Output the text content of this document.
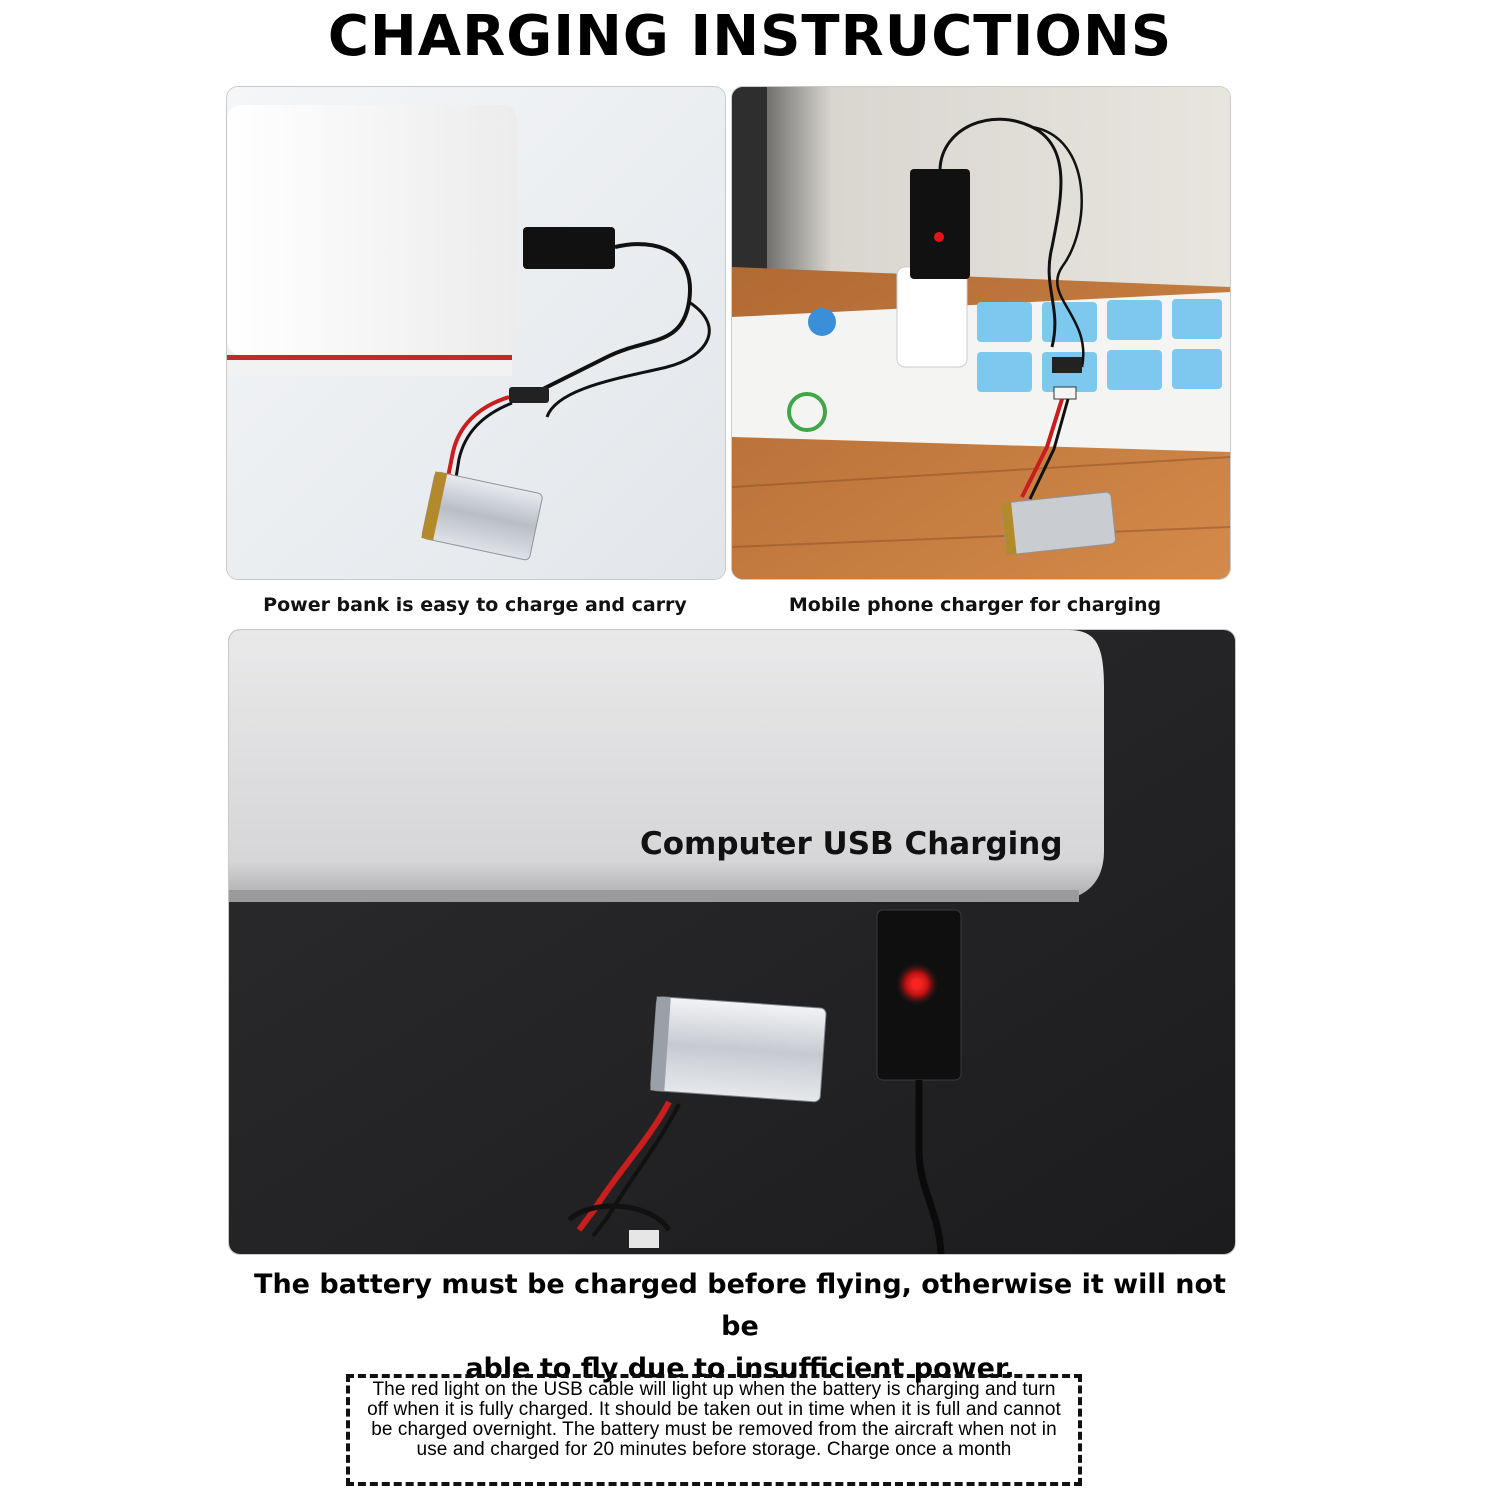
CHARGING INSTRUCTIONS
Power bank is easy to charge and carry	Mobile phone charger for charging
Computer USB Charging
The battery must be charged before flying, otherwise it will not be
able to fly due to insufficient power.
The red light on the USB cable will light up when the battery is charging and turn off when it is fully charged. It should be taken out in time when it is full and cannot be charged overnight. The battery must be removed from the aircraft when not in use and charged for 20 minutes before storage. Charge once a month
